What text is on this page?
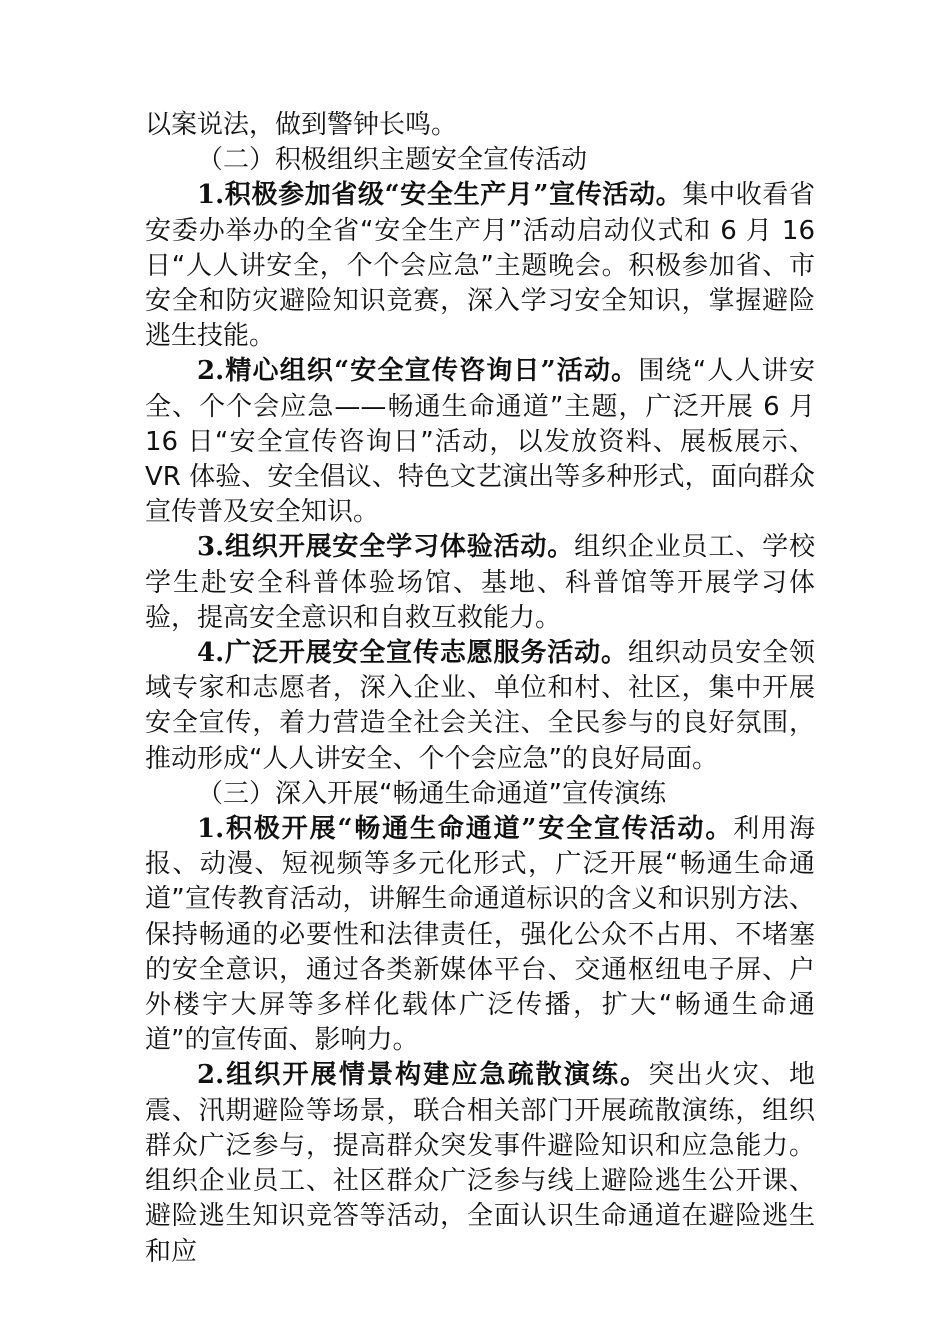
以案说法，做到警钟长鸣。

（二）积极组织主题安全宣传活动

1.积极参加省级“安全生产月”宣传活动。集中收看省安委办举办的全省“安全生产月”活动启动仪式和 6 月 16 日“人人讲安全，个个会应急”主题晚会。积极参加省、市安全和防灾避险知识竞赛，深入学习安全知识，掌握避险逃生技能。

2.精心组织“安全宣传咨询日”活动。围绕“人人讲安全、个个会应急——畅通生命通道”主题，广泛开展 6 月 16 日“安全宣传咨询日”活动，以发放资料、展板展示、VR 体验、安全倡议、特色文艺演出等多种形式，面向群众宣传普及安全知识。

3.组织开展安全学习体验活动。组织企业员工、学校学生赴安全科普体验场馆、基地、科普馆等开展学习体验，提高安全意识和自救互救能力。

4.广泛开展安全宣传志愿服务活动。组织动员安全领域专家和志愿者，深入企业、单位和村、社区，集中开展安全宣传，着力营造全社会关注、全民参与的良好氛围，推动形成“人人讲安全、个个会应急”的良好局面。

（三）深入开展“畅通生命通道”宣传演练

1.积极开展“畅通生命通道”安全宣传活动。利用海报、动漫、短视频等多元化形式，广泛开展“畅通生命通道”宣传教育活动，讲解生命通道标识的含义和识别方法、保持畅通的必要性和法律责任，强化公众不占用、不堵塞的安全意识，通过各类新媒体平台、交通枢纽电子屏、户外楼宇大屏等多样化载体广泛传播，扩大“畅通生命通道”的宣传面、影响力。

2.组织开展情景构建应急疏散演练。突出火灾、地震、汛期避险等场景，联合相关部门开展疏散演练，组织群众广泛参与，提高群众突发事件避险知识和应急能力。组织企业员工、社区群众广泛参与线上避险逃生公开课、避险逃生知识竞答等活动，全面认识生命通道在避险逃生和应
